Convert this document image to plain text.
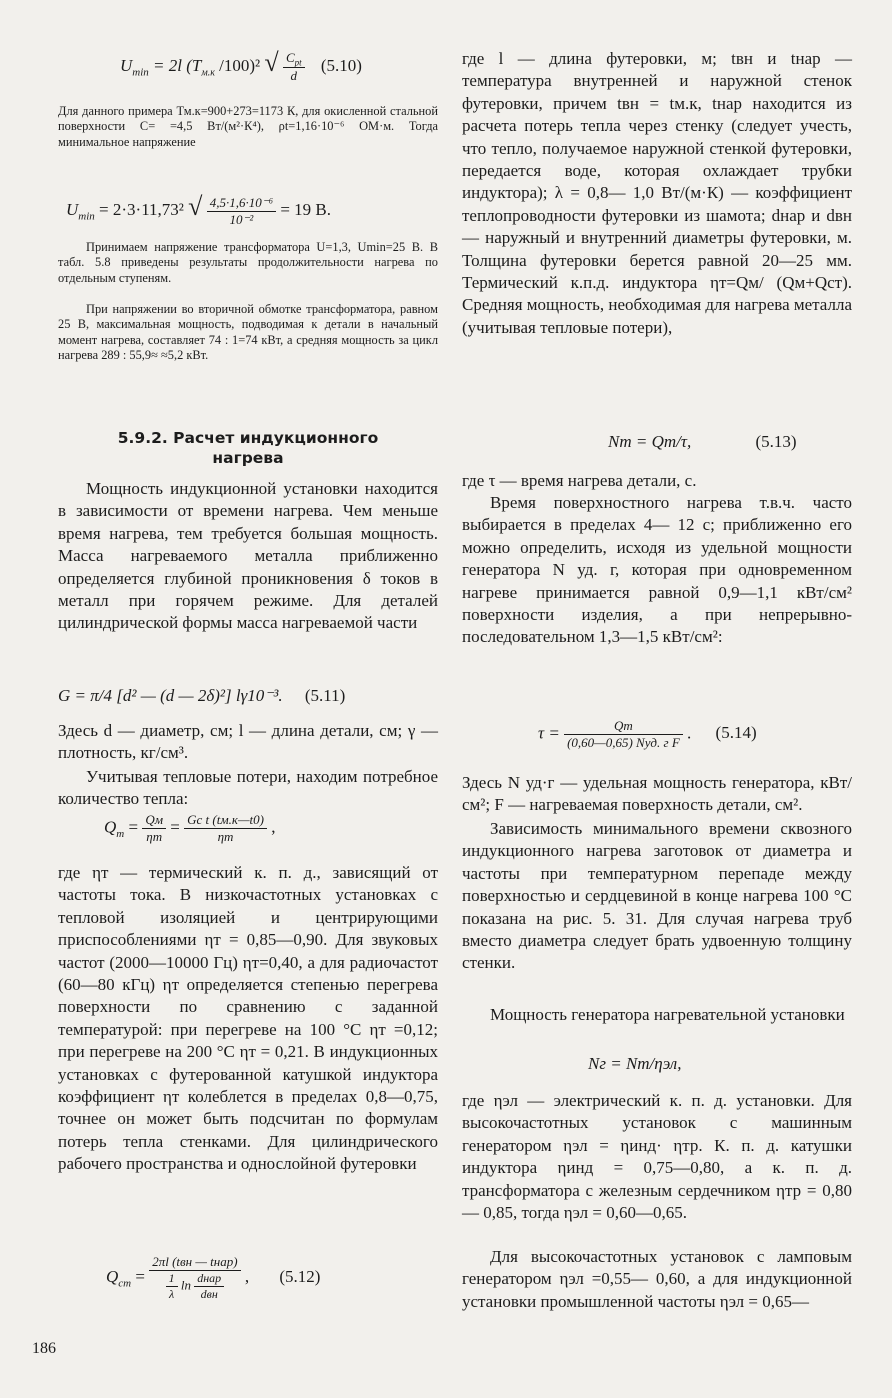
$U_{min} = 2l$ ($T_{м.к}$ /100)² √ $\frac{C_{pt}}{d} (5.10)$

Для данного примера Тм.к=900+273=1173 К, для окисленной стальной поверхности С= =4,5 Вт/(м²·К⁴), ρt=1,16·10⁻⁶ ОМ·м. Тогда минимальное напряжение

$U_{min} = 2\cdot 3\cdot 11,73^2$ √ $\frac{\text{4,5·1,6·10⁻⁶}}{\text{10⁻²}} = 19$ В.

Принимаем напряжение трансформатора U=1,3, Umin=25 В. В табл. 5.8 приведены результаты продолжительности нагрева по отдельным ступеням.

При напряжении во вторичной обмотке трансформатора, равном 25 В, максимальная мощность, подводимая к детали в начальный момент нагрева, составляет 74 : 1=74 кВт, а средняя мощность за цикл нагрева 289 : 55,9≈ ≈5,2 кВт.

5.9.2. Расчет индукционного нагрева

Мощность индукционной установки находится в зависимости от времени нагрева. Чем меньше время нагрева, тем требуется большая мощность. Масса нагреваемого металла приближенно определяется глубиной проникновения δ токов в металл при горячем режиме. Для деталей цилиндрической формы масса нагреваемой части

G = π/4 [d² — (d — 2δ)²] lγ10⁻³. (5.11)

Здесь d — диаметр, см; l — длина детали, см; γ — плотность, кг/см³.

Учитывая тепловые потери, находим потребное количество тепла:

$Q_т = \frac{Qм}{\eta т} = \frac{\text{Gc t (tм.к—t0)}}{\eta т}$ ,

где ηт — термический к. п. д., зависящий от частоты тока. В низкочастотных установках с тепловой изоляцией и центрирующими приспособлениями ηт = 0,85—0,90. Для звуковых частот (2000—10000 Гц) ηт=0,40, а для радиочастот (60—80 кГц) ηт определяется степенью перегрева поверхности по сравнению с заданной температурой: при перегреве на 100 °С ηт =0,12; при перегреве на 200 °С ηт = 0,21. В индукционных установках с футерованной катушкой индуктора коэффициент ηт колеблется в пределах 0,8—0,75, точнее он может быть подсчитан по формулам потерь тепла стенками. Для цилиндрического рабочего пространства и однослойной футеровки

$Q_{ст} = \frac{\text{2πl (tвн — tнар)}}{\frac{1}{\lambda} \ln \frac{\text{dнар}}{\text{dвн}}}$ , (5.12)

где l — длина футеровки, м; tвн и tнар — температура внутренней и наружной стенок футеровки, причем tвн = tм.к, tнар находится из расчета потерь тепла через стенку (следует учесть, что тепло, получаемое наружной стенкой футеровки, передается воде, которая охлаждает трубки индуктора); λ = 0,8— 1,0 Вт/(м·К) — коэффициент теплопроводности футеровки из шамота; dнар и dвн — наружный и внутренний диаметры футеровки, м. Толщина футеровки берется равной 20—25 мм. Термический к.п.д. индуктора ηт=Qм/ (Qм+Qст). Средняя мощность, необходимая для нагрева металла (учитывая тепловые потери),

Nт = Qт/τ,	(5.13)

где τ — время нагрева детали, с.

Время поверхностного нагрева т.в.ч. часто выбирается в пределах 4— 12 с; приближенно его можно определить, исходя из удельной мощности генератора N уд. г, которая при одновременном нагреве принимается равной 0,9—1,1 кВт/см² поверхности изделия, а при непрерывно-последовательном 1,3—1,5 кВт/см²:

$\tau = \frac{Qт}{\text{(0,60—0,65) Nуд. г F}}$ . (5.14)

Здесь N уд·г — удельная мощность генератора, кВт/см²; F — нагреваемая поверхность детали, см².

Зависимость минимального времени сквозного индукционного нагрева заготовок от диаметра и частоты при температурном перепаде между поверхностью и сердцевиной в конце нагрева 100 °С показана на рис. 5. 31. Для случая нагрева труб вместо диаметра следует брать удвоенную толщину стенки.

Мощность генератора нагревательной установки

Nг = Nт/ηэл,

где ηэл — электрический к. п. д. установки. Для высокочастотных установок с машинным генератором ηэл = ηинд· ηтр. К. п. д. катушки индуктора ηинд = 0,75—0,80, а к. п. д. трансформатора с железным сердечником ηтр = 0,80— 0,85, тогда ηэл = 0,60—0,65.

Для высокочастотных установок с ламповым генератором ηэл =0,55— 0,60, а для индукционной установки промышленной частоты ηэл = 0,65—

186
